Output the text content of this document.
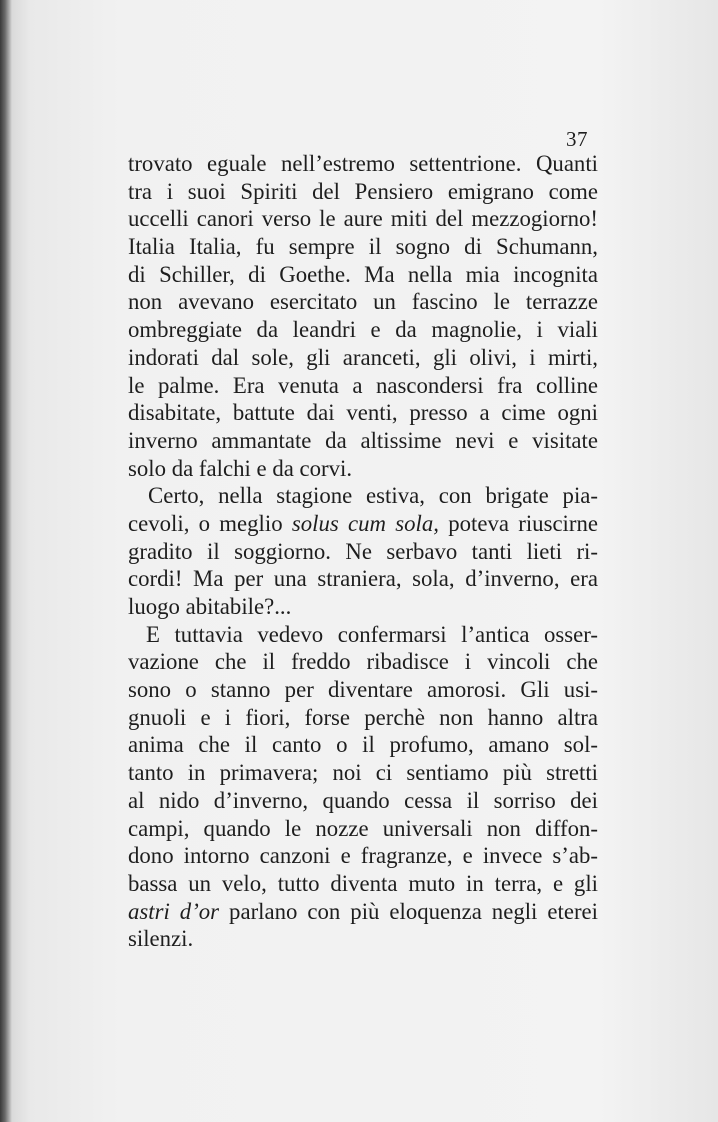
37
trovato eguale nell’estremo settentrione. Quanti
tra i suoi Spiriti del Pensiero emigrano come
uccelli canori verso le aure miti del mezzogiorno!
Italia Italia, fu sempre il sogno di Schumann,
di Schiller, di Goethe. Ma nella mia incognita
non avevano esercitato un fascino le terrazze
ombreggiate da leandri e da magnolie, i viali
indorati dal sole, gli aranceti, gli olivi, i mirti,
le palme. Era venuta a nascondersi fra colline
disabitate, battute dai venti, presso a cime ogni
inverno ammantate da altissime nevi e visitate
solo da falchi e da corvi.
Certo, nella stagione estiva, con brigate pia-
cevoli, o meglio solus cum sola, poteva riuscirne
gradito il soggiorno. Ne serbavo tanti lieti ri-
cordi! Ma per una straniera, sola, d’inverno, era
luogo abitabile?...
E tuttavia vedevo confermarsi l’antica osser-
vazione che il freddo ribadisce i vincoli che
sono o stanno per diventare amorosi. Gli usi-
gnuoli e i fiori, forse perchè non hanno altra
anima che il canto o il profumo, amano sol-
tanto in primavera; noi ci sentiamo più stretti
al nido d’inverno, quando cessa il sorriso dei
campi, quando le nozze universali non diffon-
dono intorno canzoni e fragranze, e invece s’ab-
bassa un velo, tutto diventa muto in terra, e gli
astri d’or parlano con più eloquenza negli eterei
silenzi.
